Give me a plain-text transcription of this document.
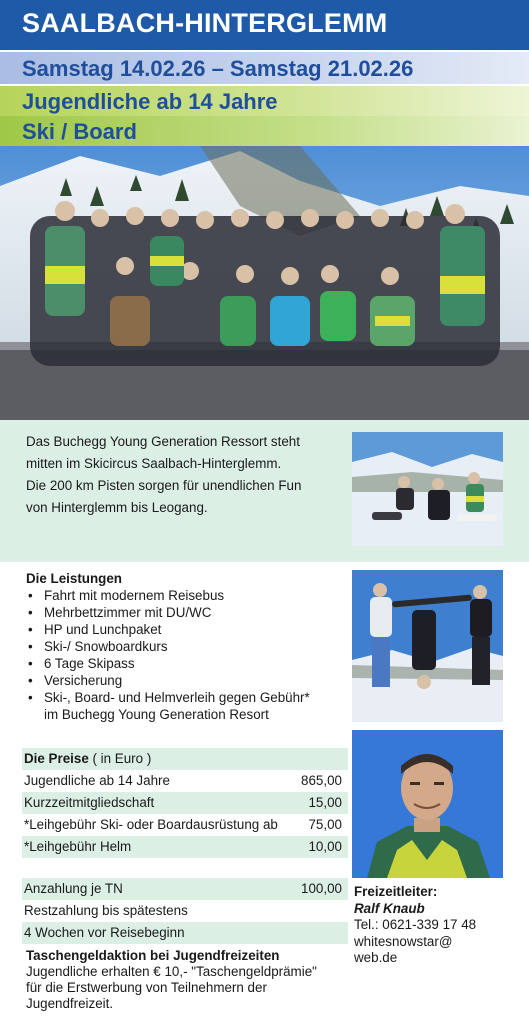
SAALBACH-HINTERGLEMM
Samstag 14.02.26 – Samstag 21.02.26
Jugendliche ab 14 Jahre
Ski / Board
Das Buchegg Young Generation Ressort steht
mitten im Skicircus Saalbach-Hinterglemm.
Die 200 km Pisten sorgen für unendlichen Fun
von Hinterglemm bis Leogang.
Die Leistungen
• Fahrt mit modernem Reisebus
• Mehrbettzimmer mit DU/WC
• HP und Lunchpaket
• Ski-/ Snowboardkurs
• 6 Tage Skipass
• Versicherung
• Ski-, Board- und Helmverleih gegen Gebühr*
im Buchegg Young Generation Resort
Die Preise ( in Euro )
Jugendliche ab 14 Jahre	865,00
Kurzzeitmitgliedschaft	15,00
*Leihgebühr Ski- oder Boardausrüstung ab 75,00
*Leihgebühr Helm	10,00
Anzahlung je TN	100,00
Restzahlung bis spätestens
4 Wochen vor Reisebeginn
Taschengeldaktion bei Jugendfreizeiten
Jugendliche erhalten € 10,- "Taschengeldprämie"
für die Erstwerbung von Teilnehmern der
Jugendfreizeit.
Freizeitleiter:
Ralf Knaub
Tel.: 0621-339 17 48
whitesnowstar@
web.de
